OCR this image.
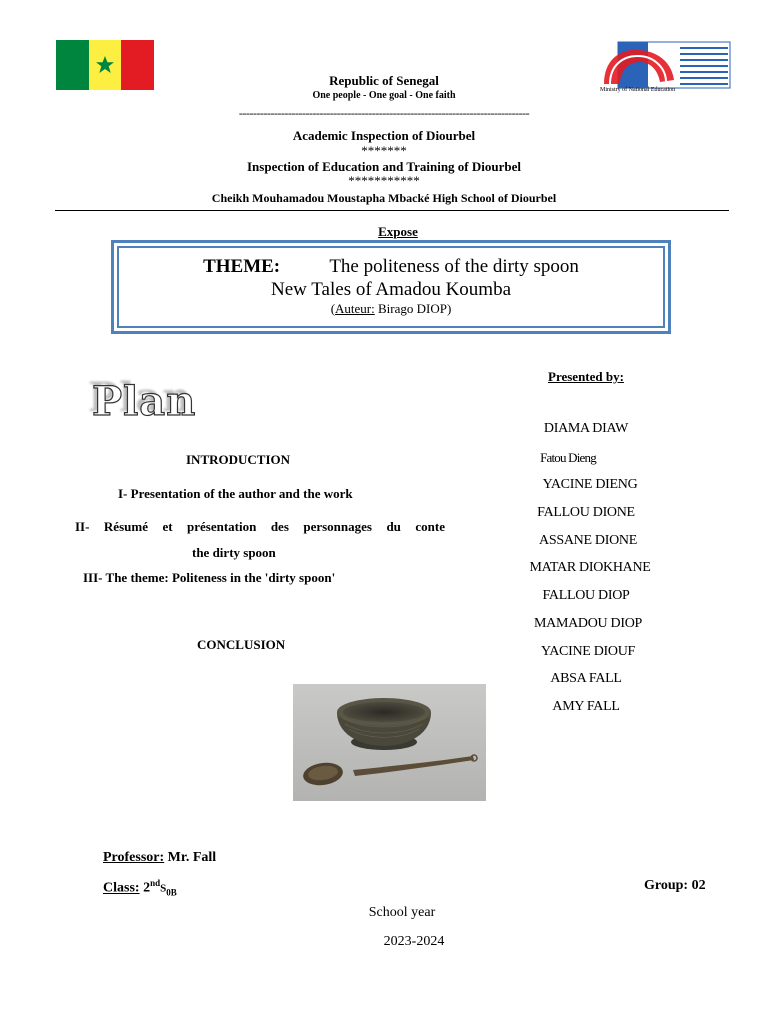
Ministry of National Education
Republic of Senegal
One people - One goal - One faith
-----------------------------------------------------------------------------------
Academic Inspection of Diourbel
*******
Inspection of Education and Training of Diourbel
***********
Cheikh Mouhamadou Moustapha Mbacké High School of Diourbel
Expose
THEME:	The politeness of the dirty spoon
New Tales of Amadou Koumba
(Auteur: Birago DIOP)
Plan
INTRODUCTION
I- Presentation of the author and the work
II- Résumé et présentation des personnages du conte
the dirty spoon
III- The theme: Politeness in the 'dirty spoon'
CONCLUSION
Presented by:
DIAMA DIAW
Fatou Dieng
YACINE DIENG
FALLOU DIONE
ASSANE DIONE
MATAR DIOKHANE
FALLOU DIOP
MAMADOU DIOP
YACINE DIOUF
ABSA FALL
AMY FALL
Professor: Mr. Fall
Class: $2ndS_{0B}$	Group: 02
School year
2023-2024
